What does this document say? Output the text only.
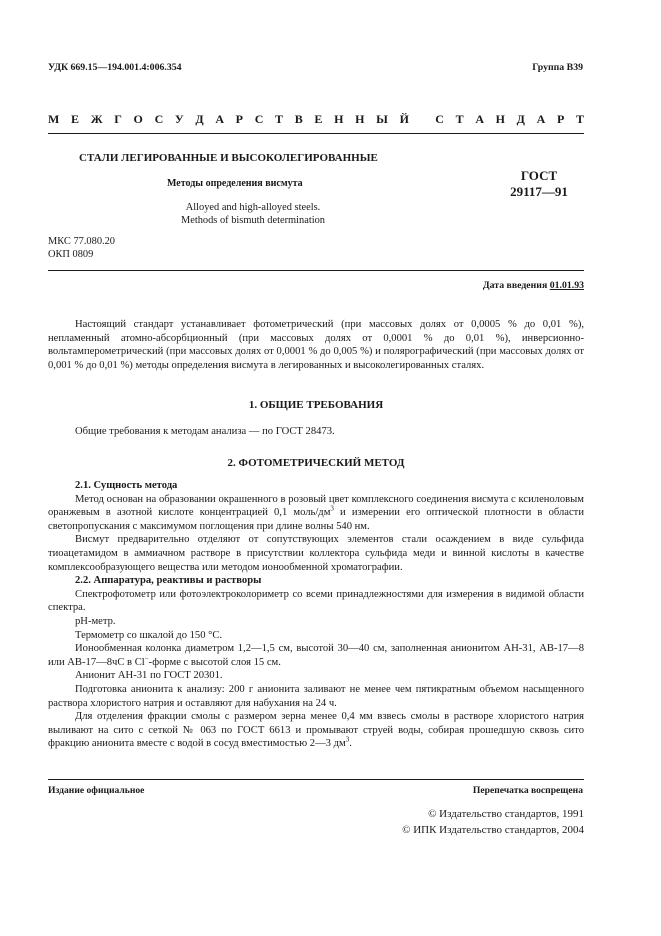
УДК 669.15—194.001.4:006.354	Группа В39
М Е Ж Г О С У Д А Р С Т В Е Н Н Ы Й
С Т А Н Д А Р Т
СТАЛИ ЛЕГИРОВАННЫЕ И ВЫСОКОЛЕГИРОВАННЫЕ
Методы определения висмута
ГОСТ
29117—91
Alloyed and high-alloyed steels.
Methods of bismuth determination
МКС 77.080.20
ОКП 0809
Дата введения 01.01.93

Настоящий стандарт устанавливает фотометрический (при массовых долях от 0,0005 % до 0,01 %), непламенный атомно-абсорбционный (при массовых долях от 0,0001 % до 0,01 %), инверсионно-вольтамперометрический (при массовых долях от 0,0001 % до 0,005 %) и полярографический (при массовых долях от 0,001 % до 0,01 %) методы определения висмута в легированных и высоколегированных сталях.

1. ОБЩИЕ ТРЕБОВАНИЯ

Общие требования к методам анализа — по ГОСТ 28473.

2. ФОТОМЕТРИЧЕСКИЙ МЕТОД

2.1. Сущность метода

Метод основан на образовании окрашенного в розовый цвет комплексного соединения висмута с ксиленоловым оранжевым в азотной кислоте концентрацией 0,1 моль/$дм^3$ и измерении его оптической плотности в области светопропускания с максимумом поглощения при длине волны 540 нм.

Висмут предварительно отделяют от сопутствующих элементов стали осаждением в виде сульфида тиоацетамидом в аммиачном растворе в присутствии коллектора сульфида меди и винной кислоты в качестве комплексообразующего вещества или методом ионообменной хроматографии.

2.2. Аппаратура, реактивы и растворы

Спектрофотометр или фотоэлектроколориметр со всеми принадлежностями для измерения в видимой области спектра.

pH-метр.

Термометр со шкалой до 150 °С.

Ионообменная колонка диаметром 1,2—1,5 см, высотой 30—40 см, заполненная анионитом АН-31, АВ-17—8 или АВ-17—8чС в Cl−-форме с высотой слоя 15 см.

Анионит АН-31 по ГОСТ 20301.

Подготовка анионита к анализу: 200 г анионита заливают не менее чем пятикратным объемом насыщенного раствора хлористого натрия и оставляют для набухания на 24 ч.

Для отделения фракции смолы с размером зерна менее 0,4 мм взвесь смолы в растворе хлористого натрия выливают на сито с сеткой № 063 по ГОСТ 6613 и промывают струей воды, собирая прошедшую сквозь сито фракцию анионита вместе с водой в сосуд вместимостью 2—3 $дм^3$.

Издание официальное	Перепечатка воспрещена
© Издательство стандартов, 1991
© ИПК Издательство стандартов, 2004
